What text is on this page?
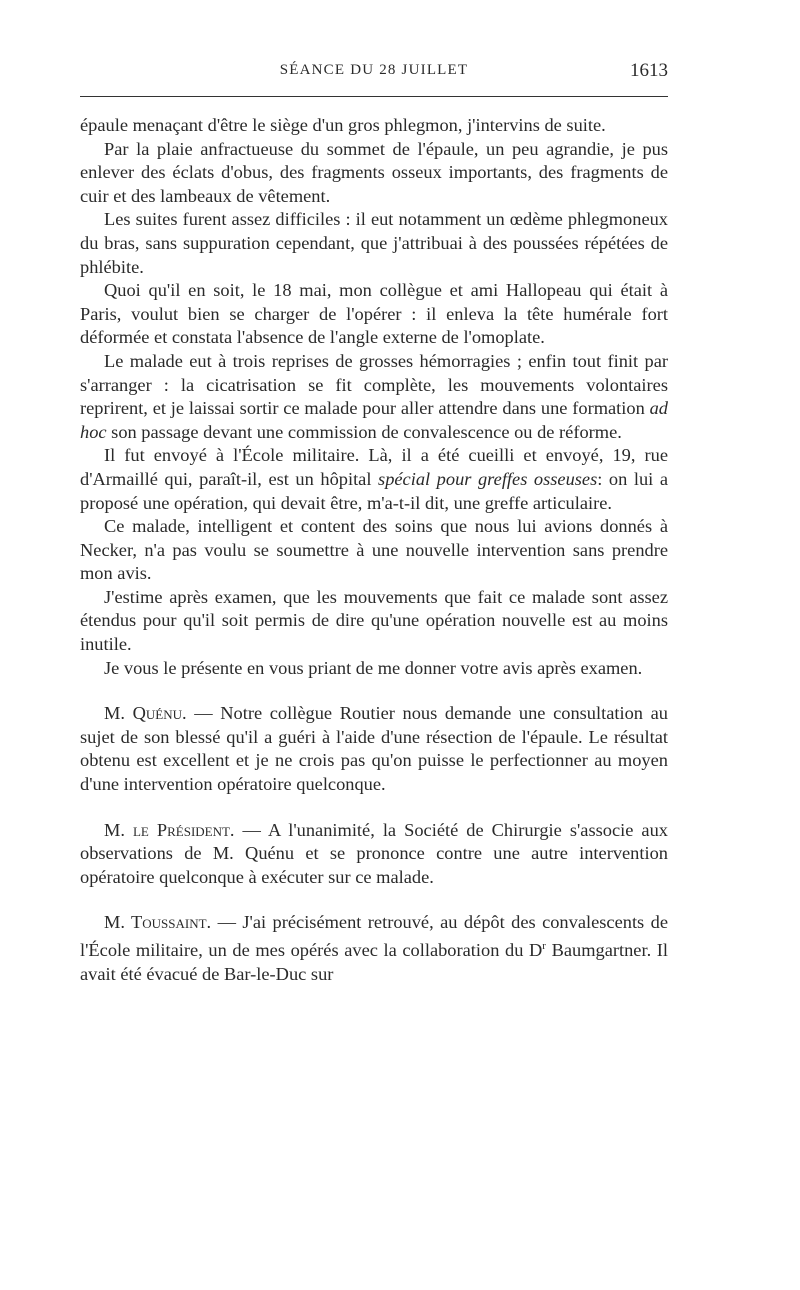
SÉANCE DU 28 JUILLET	1613

épaule menaçant d'être le siège d'un gros phlegmon, j'intervins de suite.

Par la plaie anfractueuse du sommet de l'épaule, un peu agrandie, je pus enlever des éclats d'obus, des fragments osseux importants, des fragments de cuir et des lambeaux de vêtement.

Les suites furent assez difficiles : il eut notamment un œdème phlegmoneux du bras, sans suppuration cependant, que j'attribuai à des poussées répétées de phlébite.

Quoi qu'il en soit, le 18 mai, mon collègue et ami Hallopeau qui était à Paris, voulut bien se charger de l'opérer : il enleva la tête humérale fort déformée et constata l'absence de l'angle externe de l'omoplate.

Le malade eut à trois reprises de grosses hémorragies ; enfin tout finit par s'arranger : la cicatrisation se fit complète, les mouvements volontaires reprirent, et je laissai sortir ce malade pour aller attendre dans une formation ad hoc son passage devant une commission de convalescence ou de réforme.

Il fut envoyé à l'École militaire. Là, il a été cueilli et envoyé, 19, rue d'Armaillé qui, paraît-il, est un hôpital spécial pour greffes osseuses: on lui a proposé une opération, qui devait être, m'a-t-il dit, une greffe articulaire.

Ce malade, intelligent et content des soins que nous lui avions donnés à Necker, n'a pas voulu se soumettre à une nouvelle intervention sans prendre mon avis.

J'estime après examen, que les mouvements que fait ce malade sont assez étendus pour qu'il soit permis de dire qu'une opération nouvelle est au moins inutile.

Je vous le présente en vous priant de me donner votre avis après examen.

M. Quénu. — Notre collègue Routier nous demande une consultation au sujet de son blessé qu'il a guéri à l'aide d'une résection de l'épaule. Le résultat obtenu est excellent et je ne crois pas qu'on puisse le perfectionner au moyen d'une intervention opératoire quelconque.

M. le Président. — A l'unanimité, la Société de Chirurgie s'associe aux observations de M. Quénu et se prononce contre une autre intervention opératoire quelconque à exécuter sur ce malade.

M. Toussaint. — J'ai précisément retrouvé, au dépôt des convalescents de l'École militaire, un de mes opérés avec la collaboration du $D^r$ Baumgartner. Il avait été évacué de Bar-le-Duc sur
